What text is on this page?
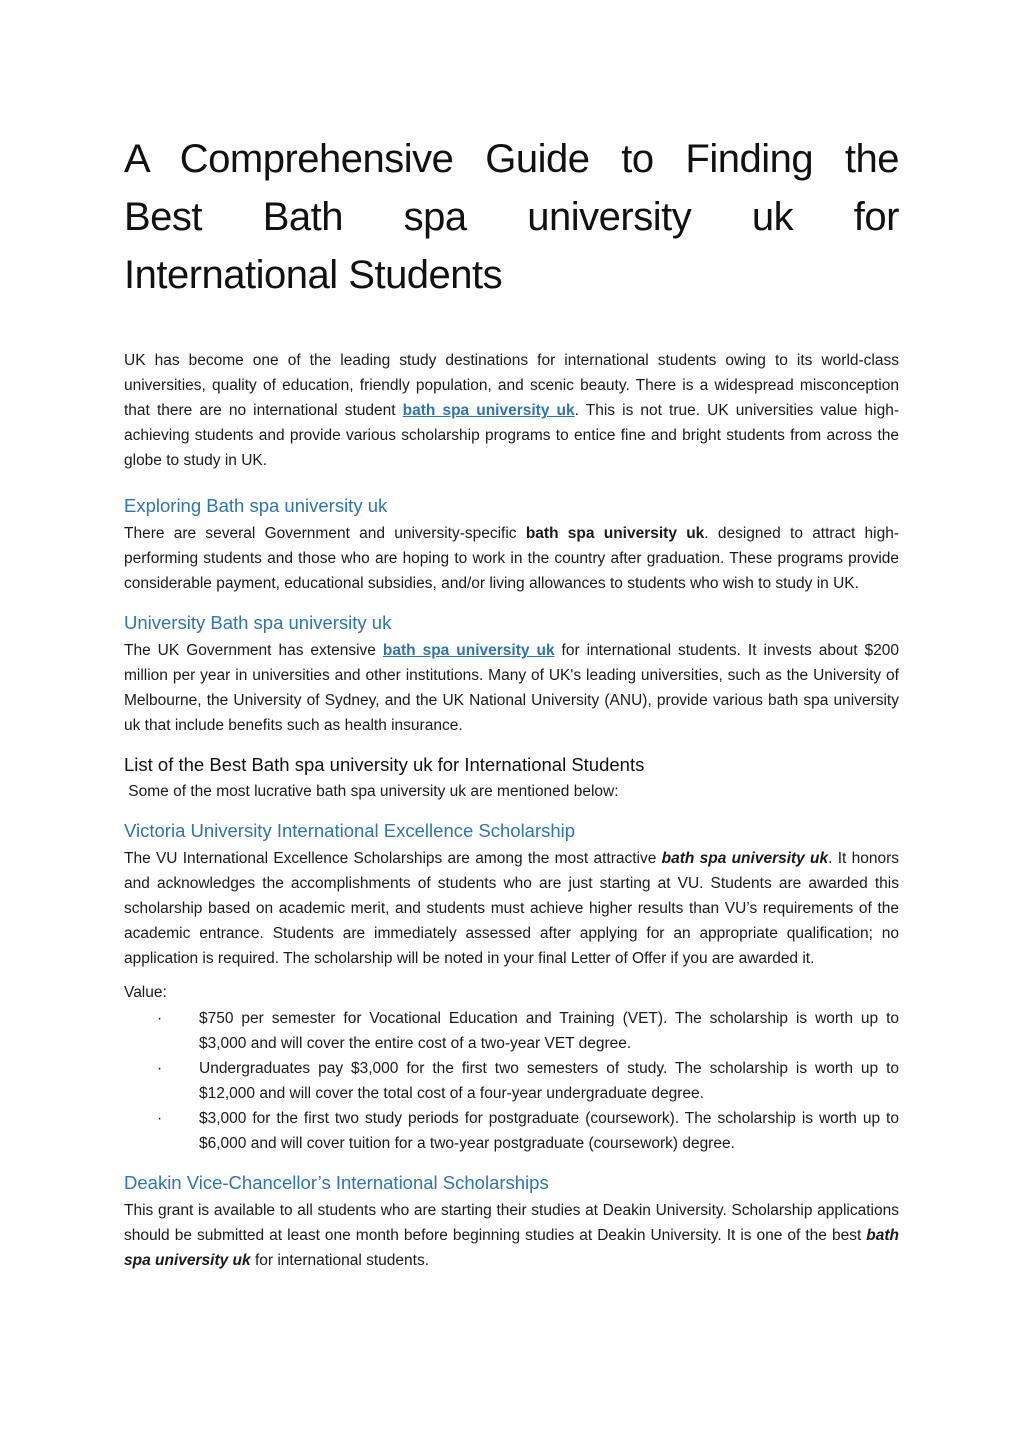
A Comprehensive Guide to Finding the
Best Bath spa university uk for
International Students

UK has become one of the leading study destinations for international students owing to its world-class universities, quality of education, friendly population, and scenic beauty. There is a widespread misconception that there are no international student bath spa university uk. This is not true. UK universities value high-achieving students and provide various scholarship programs to entice fine and bright students from across the globe to study in UK.

Exploring Bath spa university uk

There are several Government and university-specific bath spa university uk. designed to attract high-performing students and those who are hoping to work in the country after graduation. These programs provide considerable payment, educational subsidies, and/or living allowances to students who wish to study in UK.

University Bath spa university uk

The UK Government has extensive bath spa university uk for international students. It invests about $200 million per year in universities and other institutions. Many of UK's leading universities, such as the University of Melbourne, the University of Sydney, and the UK National University (ANU), provide various bath spa university uk that include benefits such as health insurance.

List of the Best Bath spa university uk for International Students

Some of the most lucrative bath spa university uk are mentioned below:

Victoria University International Excellence Scholarship

The VU International Excellence Scholarships are among the most attractive bath spa university uk. It honors and acknowledges the accomplishments of students who are just starting at VU. Students are awarded this scholarship based on academic merit, and students must achieve higher results than VU’s requirements of the academic entrance. Students are immediately assessed after applying for an appropriate qualification; no application is required. The scholarship will be noted in your final Letter of Offer if you are awarded it.

Value:
· $750 per semester for Vocational Education and Training (VET). The scholarship is worth up to $3,000 and will cover the entire cost of a two-year VET degree.
· Undergraduates pay $3,000 for the first two semesters of study. The scholarship is worth up to $12,000 and will cover the total cost of a four-year undergraduate degree.
· $3,000 for the first two study periods for postgraduate (coursework). The scholarship is worth up to $6,000 and will cover tuition for a two-year postgraduate (coursework) degree.
Deakin Vice-Chancellor’s International Scholarships

This grant is available to all students who are starting their studies at Deakin University. Scholarship applications should be submitted at least one month before beginning studies at Deakin University. It is one of the best bath spa university uk for international students.
